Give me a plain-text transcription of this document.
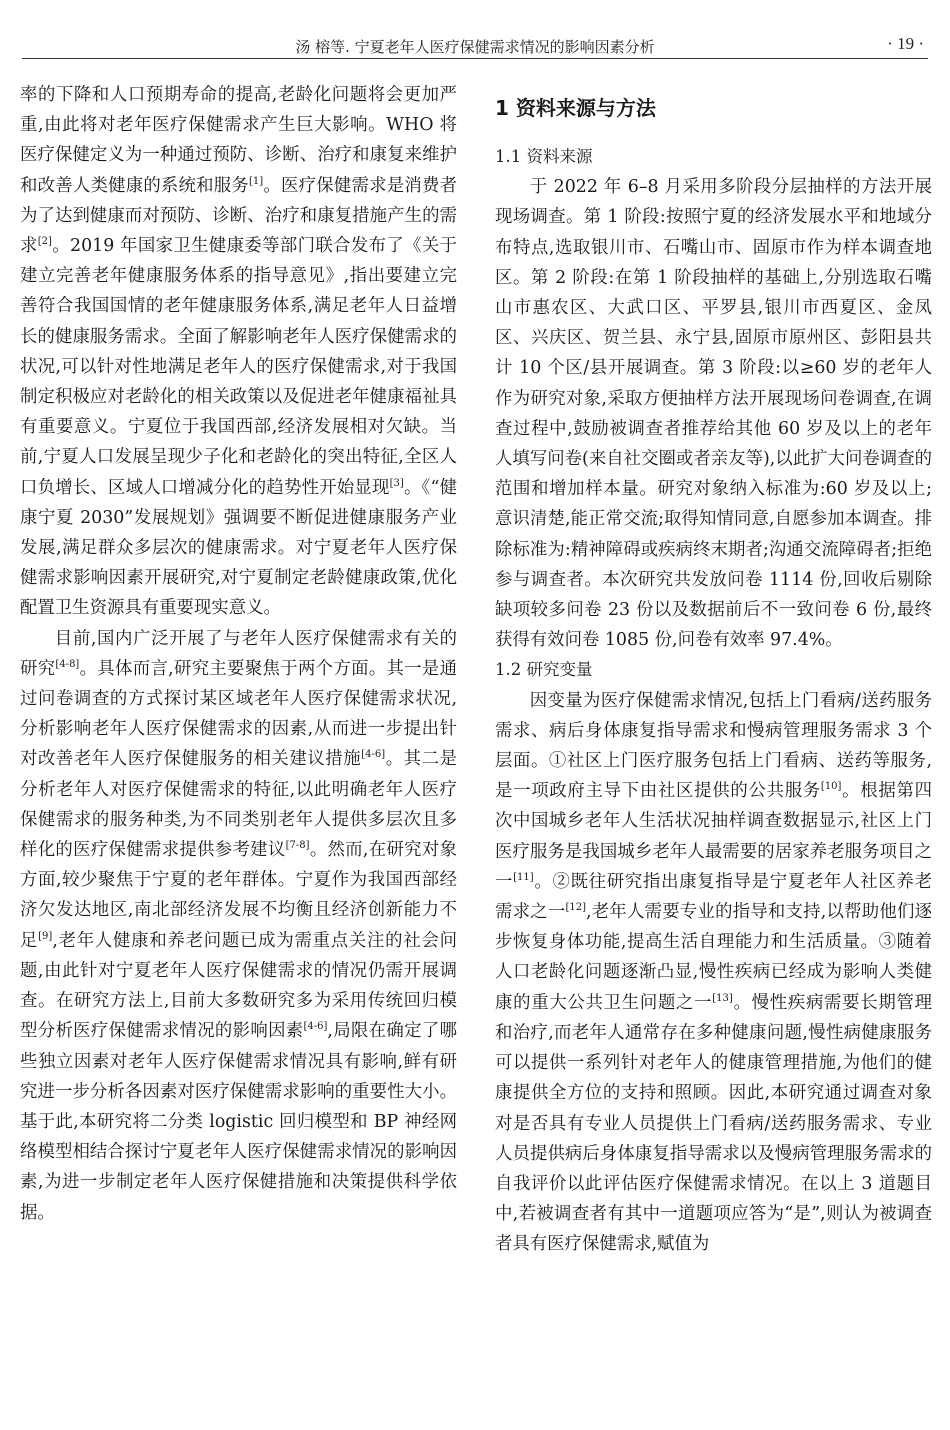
汤 榕等. 宁夏老年人医疗保健需求情况的影响因素分析	· 19 ·

率的下降和人口预期寿命的提高,老龄化问题将会更加严重,由此将对老年医疗保健需求产生巨大影响。WHO 将医疗保健定义为一种通过预防、诊断、治疗和康复来维护和改善人类健康的系统和服务[1]。医疗保健需求是消费者为了达到健康而对预防、诊断、治疗和康复措施产生的需求[2]。2019 年国家卫生健康委等部门联合发布了《关于建立完善老年健康服务体系的指导意见》,指出要建立完善符合我国国情的老年健康服务体系,满足老年人日益增长的健康服务需求。全面了解影响老年人医疗保健需求的状况,可以针对性地满足老年人的医疗保健需求,对于我国制定积极应对老龄化的相关政策以及促进老年健康福祉具有重要意义。宁夏位于我国西部,经济发展相对欠缺。当前,宁夏人口发展呈现少子化和老龄化的突出特征,全区人口负增长、区域人口增减分化的趋势性开始显现[3]。《“健康宁夏 2030”发展规划》强调要不断促进健康服务产业发展,满足群众多层次的健康需求。对宁夏老年人医疗保健需求影响因素开展研究,对宁夏制定老龄健康政策,优化配置卫生资源具有重要现实意义。

目前,国内广泛开展了与老年人医疗保健需求有关的研究[4-8]。具体而言,研究主要聚焦于两个方面。其一是通过问卷调查的方式探讨某区域老年人医疗保健需求状况,分析影响老年人医疗保健需求的因素,从而进一步提出针对改善老年人医疗保健服务的相关建议措施[4-6]。其二是分析老年人对医疗保健需求的特征,以此明确老年人医疗保健需求的服务种类,为不同类别老年人提供多层次且多样化的医疗保健需求提供参考建议[7-8]。然而,在研究对象方面,较少聚焦于宁夏的老年群体。宁夏作为我国西部经济欠发达地区,南北部经济发展不均衡且经济创新能力不足[9],老年人健康和养老问题已成为需重点关注的社会问题,由此针对宁夏老年人医疗保健需求的情况仍需开展调查。在研究方法上,目前大多数研究多为采用传统回归模型分析医疗保健需求情况的影响因素[4-6],局限在确定了哪些独立因素对老年人医疗保健需求情况具有影响,鲜有研究进一步分析各因素对医疗保健需求影响的重要性大小。基于此,本研究将二分类 logistic 回归模型和 BP 神经网络模型相结合探讨宁夏老年人医疗保健需求情况的影响因素,为进一步制定老年人医疗保健措施和决策提供科学依据。

1 资料来源与方法
1.1 资料来源

于 2022 年 6–8 月采用多阶段分层抽样的方法开展现场调查。第 1 阶段:按照宁夏的经济发展水平和地域分布特点,选取银川市、石嘴山市、固原市作为样本调查地区。第 2 阶段:在第 1 阶段抽样的基础上,分别选取石嘴山市惠农区、大武口区、平罗县,银川市西夏区、金凤区、兴庆区、贺兰县、永宁县,固原市原州区、彭阳县共计 10 个区/县开展调查。第 3 阶段:以≥60 岁的老年人作为研究对象,采取方便抽样方法开展现场问卷调查,在调查过程中,鼓励被调查者推荐给其他 60 岁及以上的老年人填写问卷(来自社交圈或者亲友等),以此扩大问卷调查的范围和增加样本量。研究对象纳入标准为:60 岁及以上;意识清楚,能正常交流;取得知情同意,自愿参加本调查。排除标准为:精神障碍或疾病终末期者;沟通交流障碍者;拒绝参与调查者。本次研究共发放问卷 1114 份,回收后剔除缺项较多问卷 23 份以及数据前后不一致问卷 6 份,最终获得有效问卷 1085 份,问卷有效率 97.4%。

1.2 研究变量

因变量为医疗保健需求情况,包括上门看病/送药服务需求、病后身体康复指导需求和慢病管理服务需求 3 个层面。①社区上门医疗服务包括上门看病、送药等服务,是一项政府主导下由社区提供的公共服务[10]。根据第四次中国城乡老年人生活状况抽样调查数据显示,社区上门医疗服务是我国城乡老年人最需要的居家养老服务项目之一[11]。②既往研究指出康复指导是宁夏老年人社区养老需求之一[12],老年人需要专业的指导和支持,以帮助他们逐步恢复身体功能,提高生活自理能力和生活质量。③随着人口老龄化问题逐渐凸显,慢性疾病已经成为影响人类健康的重大公共卫生问题之一[13]。慢性疾病需要长期管理和治疗,而老年人通常存在多种健康问题,慢性病健康服务可以提供一系列针对老年人的健康管理措施,为他们的健康提供全方位的支持和照顾。因此,本研究通过调查对象对是否具有专业人员提供上门看病/送药服务需求、专业人员提供病后身体康复指导需求以及慢病管理服务需求的自我评价以此评估医疗保健需求情况。在以上 3 道题目中,若被调查者有其中一道题项应答为“是”,则认为被调查者具有医疗保健需求,赋值为
